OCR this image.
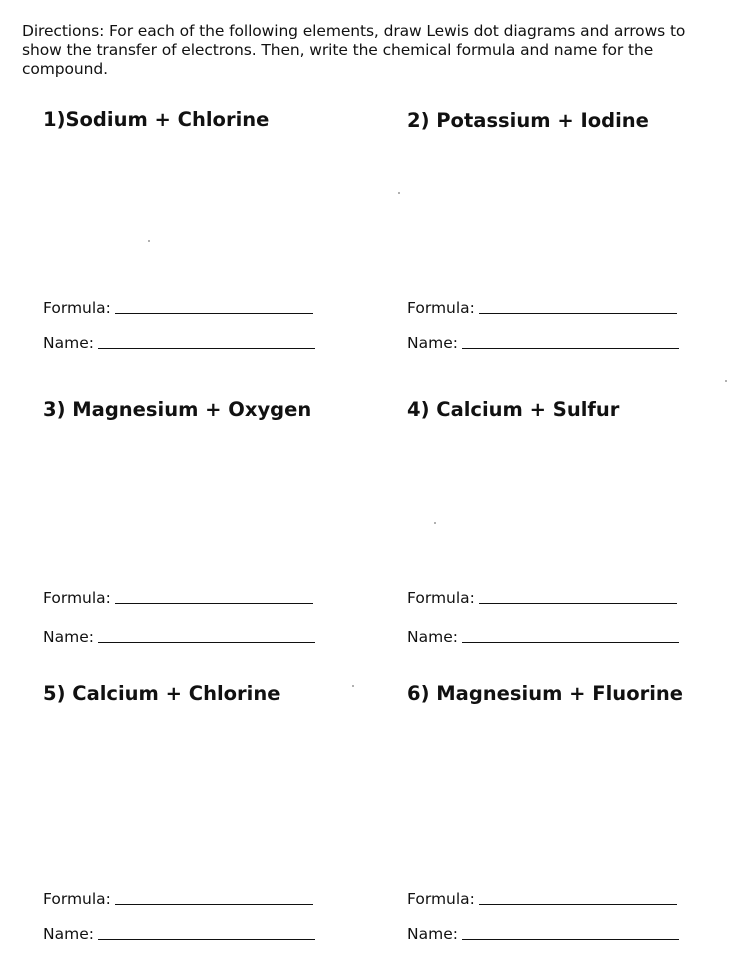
Directions: For each of the following elements, draw Lewis dot diagrams and arrows to show the transfer of electrons. Then, write the chemical formula and name for the compound.

1)Sodium + Chlorine
Formula:
Name:
2) Potassium + Iodine
Formula:
Name:
3) Magnesium + Oxygen
Formula:
Name:
4) Calcium + Sulfur
Formula:
Name:
5) Calcium + Chlorine
Formula:
Name:
6) Magnesium + Fluorine
Formula:
Name:
